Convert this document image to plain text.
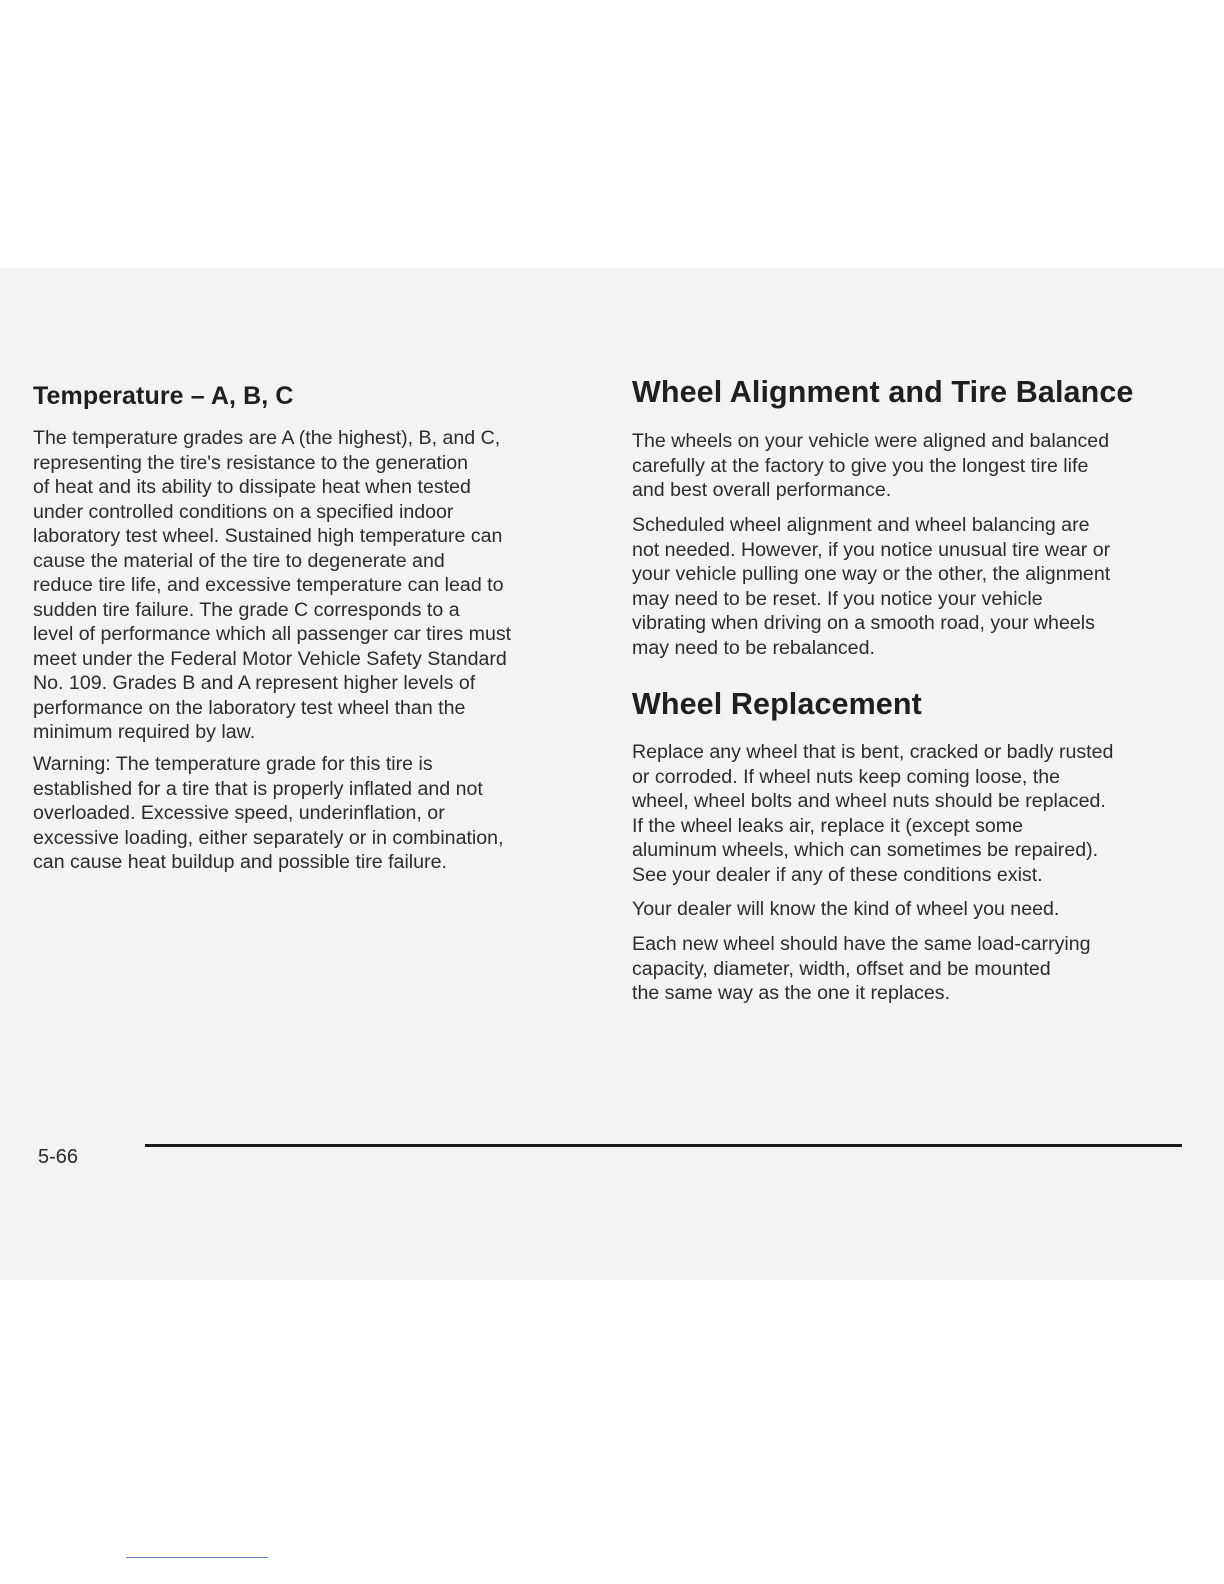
Temperature – A, B, C

The temperature grades are A (the highest), B, and C,
representing the tire's resistance to the generation
of heat and its ability to dissipate heat when tested
under controlled conditions on a specified indoor
laboratory test wheel. Sustained high temperature can
cause the material of the tire to degenerate and
reduce tire life, and excessive temperature can lead to
sudden tire failure. The grade C corresponds to a
level of performance which all passenger car tires must
meet under the Federal Motor Vehicle Safety Standard
No. 109. Grades B and A represent higher levels of
performance on the laboratory test wheel than the
minimum required by law.

Warning: The temperature grade for this tire is
established for a tire that is properly inflated and not
overloaded. Excessive speed, underinflation, or
excessive loading, either separately or in combination,
can cause heat buildup and possible tire failure.

Wheel Alignment and Tire Balance

The wheels on your vehicle were aligned and balanced
carefully at the factory to give you the longest tire life
and best overall performance.

Scheduled wheel alignment and wheel balancing are
not needed. However, if you notice unusual tire wear or
your vehicle pulling one way or the other, the alignment
may need to be reset. If you notice your vehicle
vibrating when driving on a smooth road, your wheels
may need to be rebalanced.

Wheel Replacement

Replace any wheel that is bent, cracked or badly rusted
or corroded. If wheel nuts keep coming loose, the
wheel, wheel bolts and wheel nuts should be replaced.
If the wheel leaks air, replace it (except some
aluminum wheels, which can sometimes be repaired).
See your dealer if any of these conditions exist.

Your dealer will know the kind of wheel you need.

Each new wheel should have the same load-carrying
capacity, diameter, width, offset and be mounted
the same way as the one it replaces.

5-66
